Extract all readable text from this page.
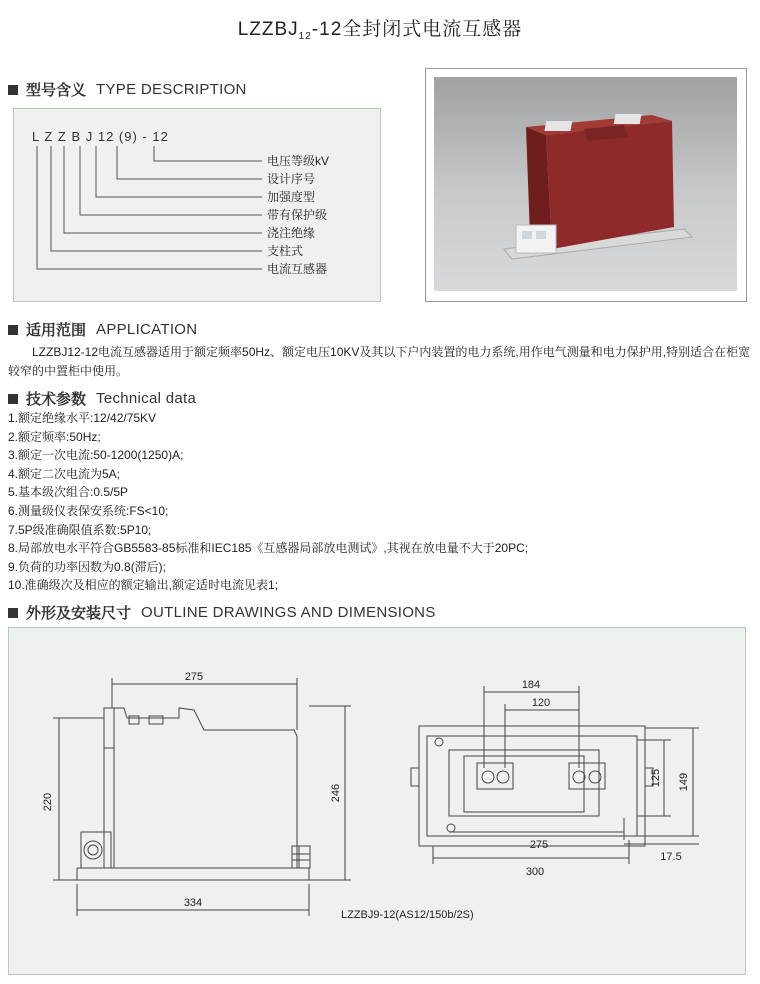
$LZZBJ_{12}-12$全封闭式电流互感器
型号含义 TYPE DESCRIPTION
L Z Z B J 12 (9) - 12
电压等级kV
设计序号
加强度型
带有保护级
浇注绝缘
支柱式
电流互感器
适用范围 APPLICATION

LZZBJ12-12电流互感器适用于额定频率50Hz、额定电压10KV及其以下户内装置的电力系统,用作电气测量和电力保护用,特别适合在柜宽较窄的中置柜中使用。

技术参数 Technical data
1.额定绝缘水平:12/42/75KV
2.额定频率:50Hz;
3.额定一次电流:50-1200(1250)A;
4.额定二次电流为5A;
5.基本级次组合:0.5/5P
6.测量级仪表保安系统:FS<10;
7.5P级准确限值系数:5P10;
8.局部放电水平符合GB5583-85标准和IEC185《互感器局部放电测试》,其视在放电量不大于20PC;
9.负荷的功率因数为0.8(滞后);
10.准确级次及相应的额定输出,额定适时电流见表1;
外形及安装尺寸 OUTLINE DRAWINGS AND DIMENSIONS
275
334
220	246
184
120
275
300
17.5
125 149
LZZBJ9-12(AS12/150b/2S)
